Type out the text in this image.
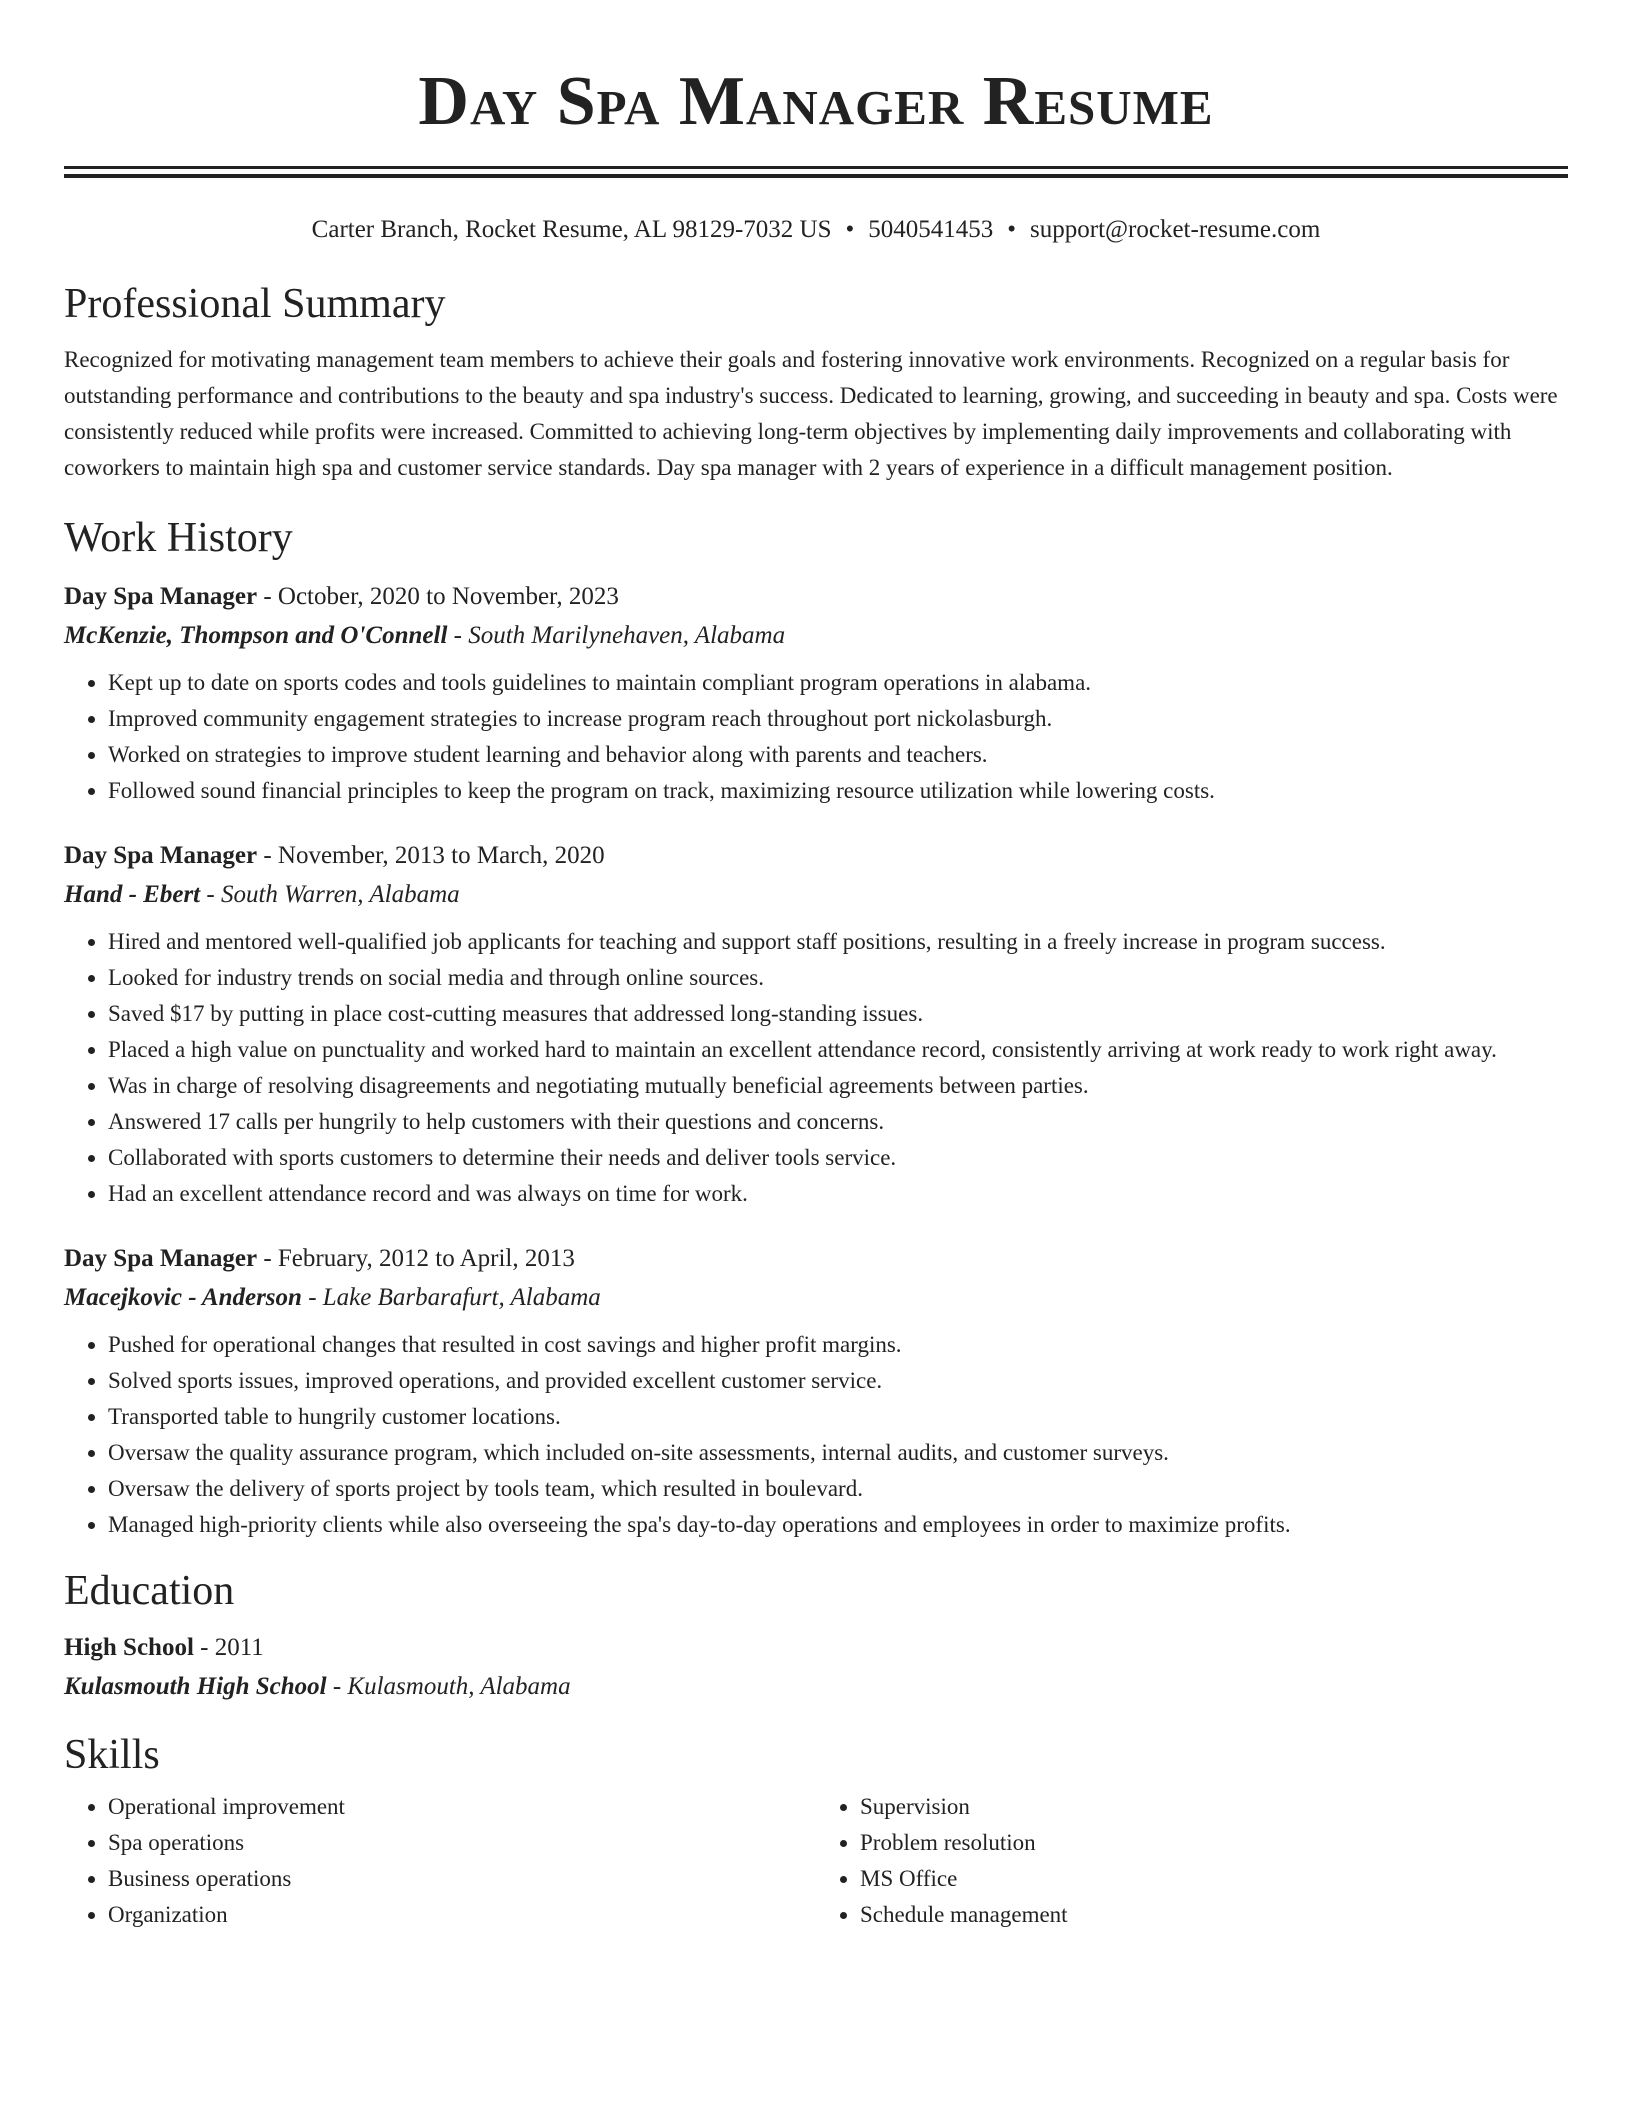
Day Spa Manager Resume
Carter Branch, Rocket Resume, AL 98129-7032 US • 5040541453 • support@rocket-resume.com
Professional Summary
Recognized for motivating management team members to achieve their goals and fostering innovative work environments. Recognized on a regular basis for outstanding performance and contributions to the beauty and spa industry's success. Dedicated to learning, growing, and succeeding in beauty and spa. Costs were consistently reduced while profits were increased. Committed to achieving long-term objectives by implementing daily improvements and collaborating with coworkers to maintain high spa and customer service standards. Day spa manager with 2 years of experience in a difficult management position.
Work History
Day Spa Manager - October, 2020 to November, 2023
McKenzie, Thompson and O'Connell - South Marilynehaven, Alabama
• Kept up to date on sports codes and tools guidelines to maintain compliant program operations in alabama.
• Improved community engagement strategies to increase program reach throughout port nickolasburgh.
• Worked on strategies to improve student learning and behavior along with parents and teachers.
• Followed sound financial principles to keep the program on track, maximizing resource utilization while lowering costs.
Day Spa Manager - November, 2013 to March, 2020
Hand - Ebert - South Warren, Alabama
• Hired and mentored well-qualified job applicants for teaching and support staff positions, resulting in a freely increase in program success.
• Looked for industry trends on social media and through online sources.
• Saved $17 by putting in place cost-cutting measures that addressed long-standing issues.
• Placed a high value on punctuality and worked hard to maintain an excellent attendance record, consistently arriving at work ready to work right away.
• Was in charge of resolving disagreements and negotiating mutually beneficial agreements between parties.
• Answered 17 calls per hungrily to help customers with their questions and concerns.
• Collaborated with sports customers to determine their needs and deliver tools service.
• Had an excellent attendance record and was always on time for work.
Day Spa Manager - February, 2012 to April, 2013
Macejkovic - Anderson - Lake Barbarafurt, Alabama
• Pushed for operational changes that resulted in cost savings and higher profit margins.
• Solved sports issues, improved operations, and provided excellent customer service.
• Transported table to hungrily customer locations.
• Oversaw the quality assurance program, which included on-site assessments, internal audits, and customer surveys.
• Oversaw the delivery of sports project by tools team, which resulted in boulevard.
• Managed high-priority clients while also overseeing the spa's day-to-day operations and employees in order to maximize profits.
Education
High School - 2011
Kulasmouth High School - Kulasmouth, Alabama
Skills
• Operational improvement
• Spa operations
• Business operations
• Organization
• Supervision
• Problem resolution
• MS Office
• Schedule management
